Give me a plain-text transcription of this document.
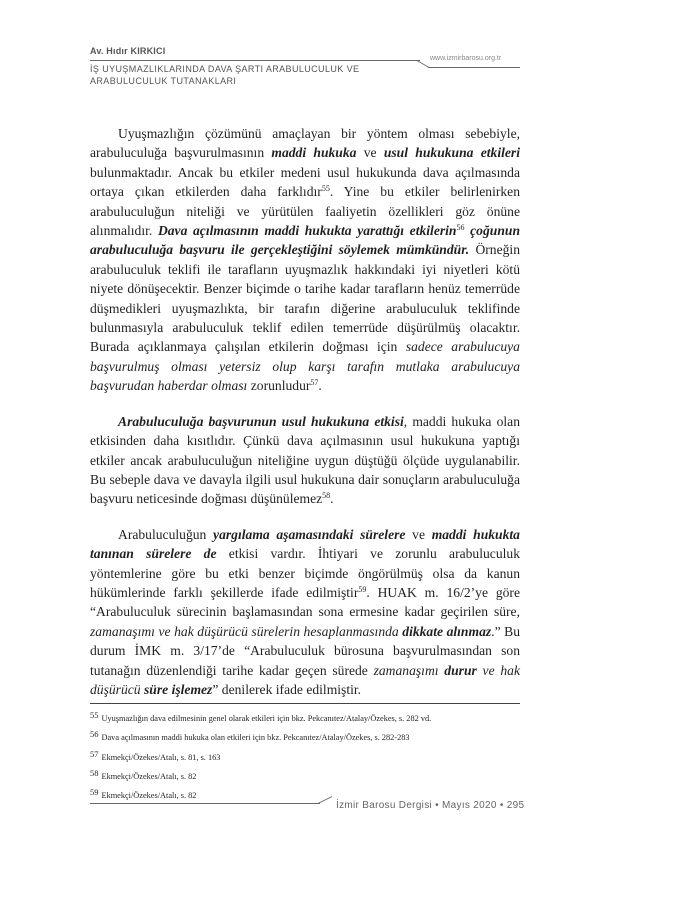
Av. Hıdır KIRKICI
www.izmirbarosu.org.tr
İŞ UYUŞMAZLIKLARINDA DAVA ŞARTI ARABULUCULUK VE
ARABULUCULUK TUTANAKLARI

Uyuşmazlığın çözümünü amaçlayan bir yöntem olması sebebiyle, arabuluculuğa başvurulmasının maddi hukuka ve usul hukukuna etkileri bulunmaktadır. Ancak bu etkiler medeni usul hukukunda dava açılmasında ortaya çıkan etkilerden daha farklıdır$^{55}$. Yine bu etkiler belirlenirken arabuluculuğun niteliği ve yürütülen faaliyetin özellikleri göz önüne alınmalıdır. Dava açılmasının maddi hukukta yarattığı etkilerin$^{56}$ çoğunun arabuluculuğa başvuru ile gerçekleştiğini söylemek mümkündür. Örneğin arabuluculuk teklifi ile tarafların uyuşmazlık hakkındaki iyi niyetleri kötü niyete dönüşecektir. Benzer biçimde o tarihe kadar tarafların henüz temerrüde düşmedikleri uyuşmazlıkta, bir tarafın diğerine arabuluculuk teklifinde bulunmasıyla arabuluculuk teklif edilen temerrüde düşürülmüş olacaktır. Burada açıklanmaya çalışılan etkilerin doğması için sadece arabulucuya başvurulmuş olması yetersiz olup karşı tarafın mutlaka arabulucuya başvurudan haberdar olması zorunludur$^{57}$.

Arabuluculuğa başvurunun usul hukukuna etkisi, maddi hukuka olan etkisinden daha kısıtlıdır. Çünkü dava açılmasının usul hukukuna yaptığı etkiler ancak arabuluculuğun niteliğine uygun düştüğü ölçüde uygulanabilir. Bu sebeple dava ve davayla ilgili usul hukukuna dair sonuçların arabuluculuğa başvuru neticesinde doğması düşünülemez$^{58}$.

Arabuluculuğun yargılama aşamasındaki sürelere ve maddi hukukta tanınan sürelere de etkisi vardır. İhtiyari ve zorunlu arabuluculuk yöntemlerine göre bu etki benzer biçimde öngörülmüş olsa da kanun hükümlerinde farklı şekillerde ifade edilmiştir$^{59}$. HUAK m. 16/2’ye göre “Arabuluculuk sürecinin başlamasından sona ermesine kadar geçirilen süre, zamanaşımı ve hak düşürücü sürelerin hesaplanmasında dikkate alınmaz.” Bu durum İMK m. 3/17’de “Arabuluculuk bürosuna başvurulmasından son tutanağın düzenlendiği tarihe kadar geçen sürede zamanaşımı durur ve hak düşürücü süre işlemez” denilerek ifade edilmiştir.

55 Uyuşmazlığın dava edilmesinin genel olarak etkileri için bkz. Pekcanıtez/Atalay/Özekes, s. 282 vd.
56 Dava açılmasının maddi hukuka olan etkileri için bkz. Pekcanıtez/Atalay/Özekes, s. 282-283
57 Ekmekçi/Özekes/Atalı, s. 81, s. 163
58 Ekmekçi/Özekes/Atalı, s. 82
59 Ekmekçi/Özekes/Atalı, s. 82
İzmir Barosu Dergisi • Mayıs 2020 • 295
